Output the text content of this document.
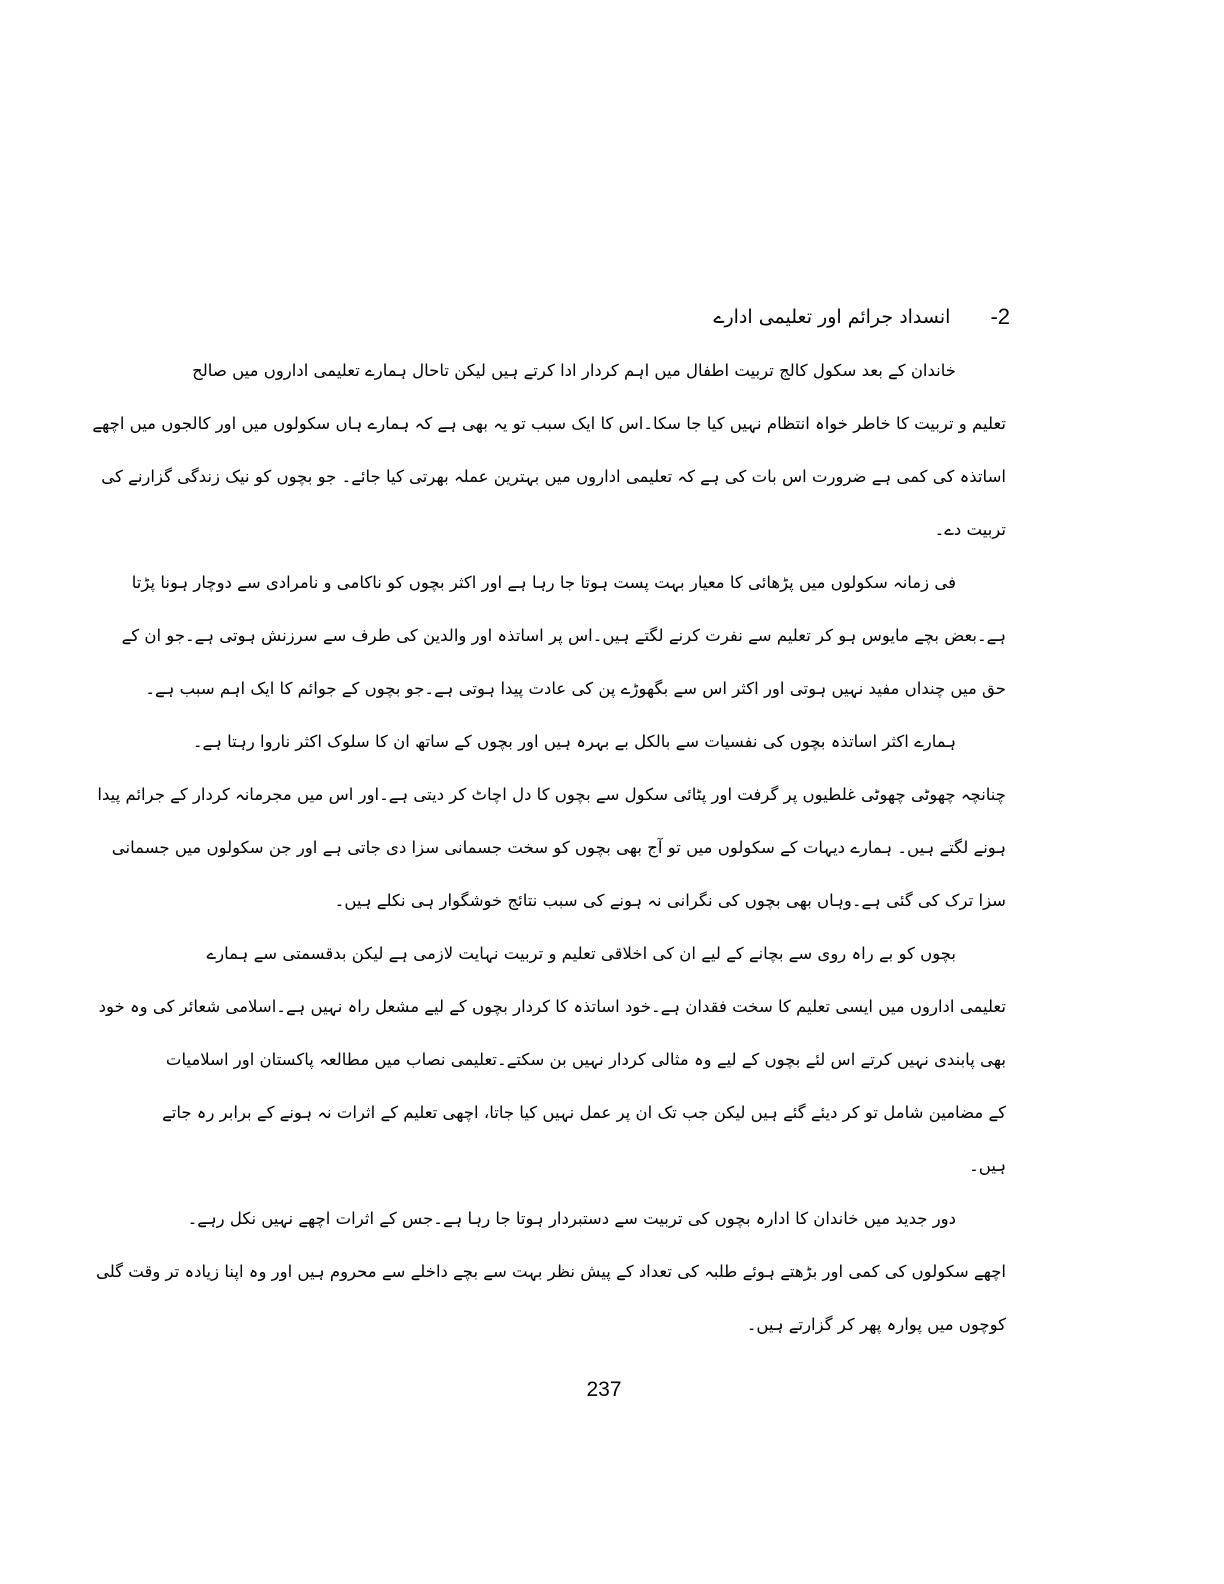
-2
انسداد جرائم اور تعلیمی ادارے
خاندان کے بعد سکول کالج تربیت اطفال میں اہم کردار ادا کرتے ہیں لیکن تاحال ہمارے تعلیمی اداروں میں صالح
تعلیم و تربیت کا خاطر خواہ انتظام نہیں کیا جا سکا۔اس کا ایک سبب تو یہ بھی ہے کہ ہمارے ہاں سکولوں میں اور کالجوں میں اچھے
اساتذہ کی کمی ہے ضرورت اس بات کی ہے کہ تعلیمی اداروں میں بہترین عملہ بھرتی کیا جائے۔ جو بچوں کو نیک زندگی گزارنے کی
تربیت دے۔
فی زمانہ سکولوں میں پڑھائی کا معیار بہت پست ہوتا جا رہا ہے اور اکثر بچوں کو ناکامی و نامرادی سے دوچار ہونا پڑتا
ہے۔بعض بچے مایوس ہو کر تعلیم سے نفرت کرنے لگتے ہیں۔اس پر اساتذہ اور والدین کی طرف سے سرزنش ہوتی ہے۔جو ان کے
حق میں چنداں مفید نہیں ہوتی اور اکثر اس سے بگھوڑے پن کی عادت پیدا ہوتی ہے۔جو بچوں کے جوائم کا ایک اہم سبب ہے۔
ہمارے اکثر اساتذہ بچوں کی نفسیات سے بالکل بے بہرہ ہیں اور بچوں کے ساتھ ان کا سلوک اکثر ناروا رہتا ہے۔
چنانچہ چھوٹی چھوٹی غلطیوں پر گرفت اور پٹائی سکول سے بچوں کا دل اچاٹ کر دیتی ہے۔اور اس میں مجرمانہ کردار کے جرائم پیدا
ہونے لگتے ہیں۔ ہمارے دیہات کے سکولوں میں تو آج بھی بچوں کو سخت جسمانی سزا دی جاتی ہے اور جن سکولوں میں جسمانی
سزا ترک کی گئی ہے۔وہاں بھی بچوں کی نگرانی نہ ہونے کی سبب نتائج خوشگوار ہی نکلے ہیں۔
بچوں کو بے راہ روی سے بچانے کے لیے ان کی اخلاقی تعلیم و تربیت نہایت لازمی ہے لیکن بدقسمتی سے ہمارے
تعلیمی اداروں میں ایسی تعلیم کا سخت فقدان ہے۔خود اساتذہ کا کردار بچوں کے لیے مشعل راہ نہیں ہے۔اسلامی شعائر کی وہ خود
بھی پابندی نہیں کرتے اس لئے بچوں کے لیے وہ مثالی کردار نہیں بن سکتے۔تعلیمی نصاب میں مطالعہ پاکستان اور اسلامیات
کے مضامین شامل تو کر دیئے گئے ہیں لیکن جب تک ان پر عمل نہیں کیا جاتا، اچھی تعلیم کے اثرات نہ ہونے کے برابر رہ جاتے
ہیں۔
دور جدید میں خاندان کا ادارہ بچوں کی تربیت سے دستبردار ہوتا جا رہا ہے۔جس کے اثرات اچھے نہیں نکل رہے۔
اچھے سکولوں کی کمی اور بڑھتے ہوئے طلبہ کی تعداد کے پیش نظر بہت سے بچے داخلے سے محروم ہیں اور وہ اپنا زیادہ تر وقت گلی
کوچوں میں پوارہ پھر کر گزارتے ہیں۔
237
